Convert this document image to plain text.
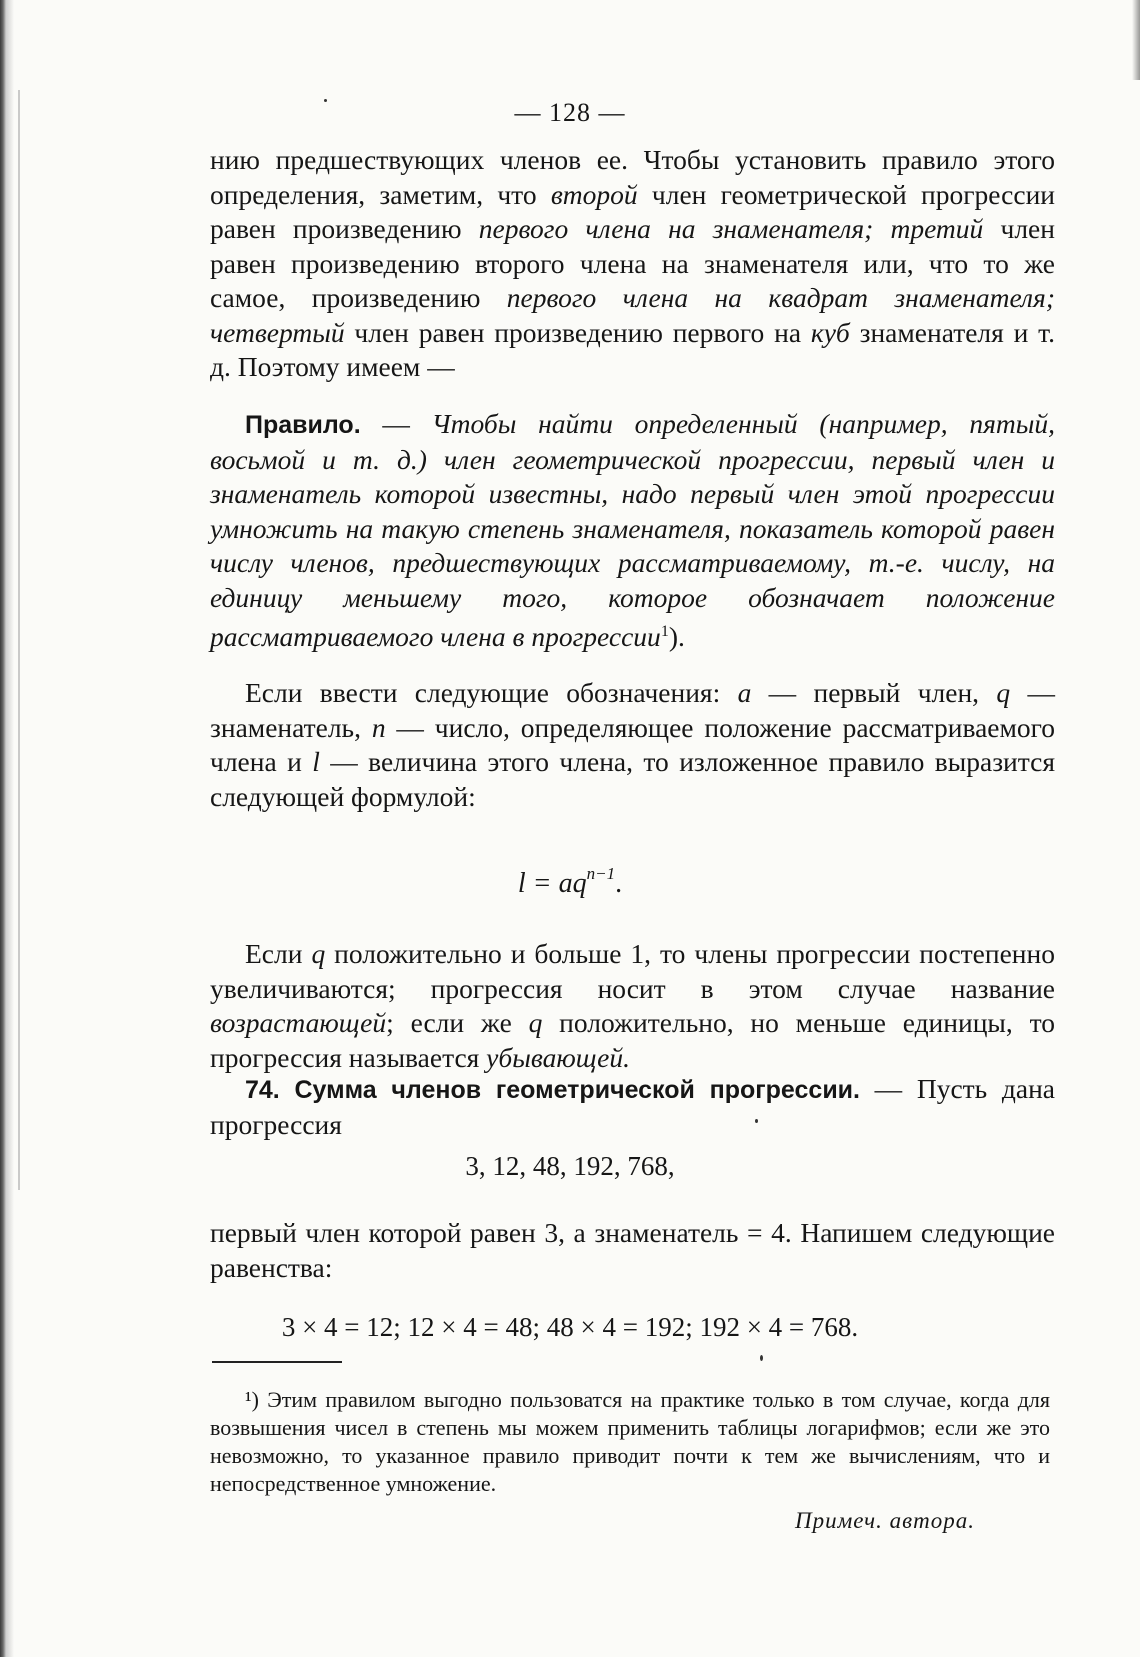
— 128 —

нию предшествующих членов ее. Чтобы установить правило этого определения, заметим, что второй член геометрической прогрессии равен произведению первого члена на знаменателя; третий член равен произведению второго члена на знаменателя или, что то же самое, произведению первого члена на квадрат знаменателя; четвертый член равен произведению первого на куб знаменателя и т. д. Поэтому имеем —

Правило. — Чтобы найти определенный (например, пятый, восьмой и т. д.) член геометрической прогрессии, первый член и знаменатель которой известны, надо первый член этой прогрессии умножить на такую степень знаменателя, показатель которой равен числу членов, предшествующих рассматриваемому, т.-е. числу, на единицу меньшему того, которое обозначает положение рассматриваемого члена в прогрессии$^1$).

Если ввести следующие обозначения: a — первый член, q — знаменатель, n — число, определяющее положение рассматриваемого члена и l — величина этого члена, то изложенное правило выразится следующей формулой:

$l = aq^{n-1}$.

Если q положительно и больше 1, то члены прогрессии постепенно увеличиваются; прогрессия носит в этом случае название возрастающей; если же q положительно, но меньше единицы, то прогрессия называется убывающей.

74. Сумма членов геометрической прогрессии. — Пусть дана прогрессия

3, 12, 48, 192, 768,

первый член которой равен 3, а знаменатель = 4. Напишем следующие равенства:

3 × 4 = 12; 12 × 4 = 48; 48 × 4 = 192; 192 × 4 = 768.

¹) Этим правилом выгодно пользоватся на практике только в том случае, когда для возвышения чисел в степень мы можем применить таблицы логарифмов; если же это невозможно, то указанное правило приводит почти к тем же вычислениям, что и непосредственное умножение.

Примеч. автора.
